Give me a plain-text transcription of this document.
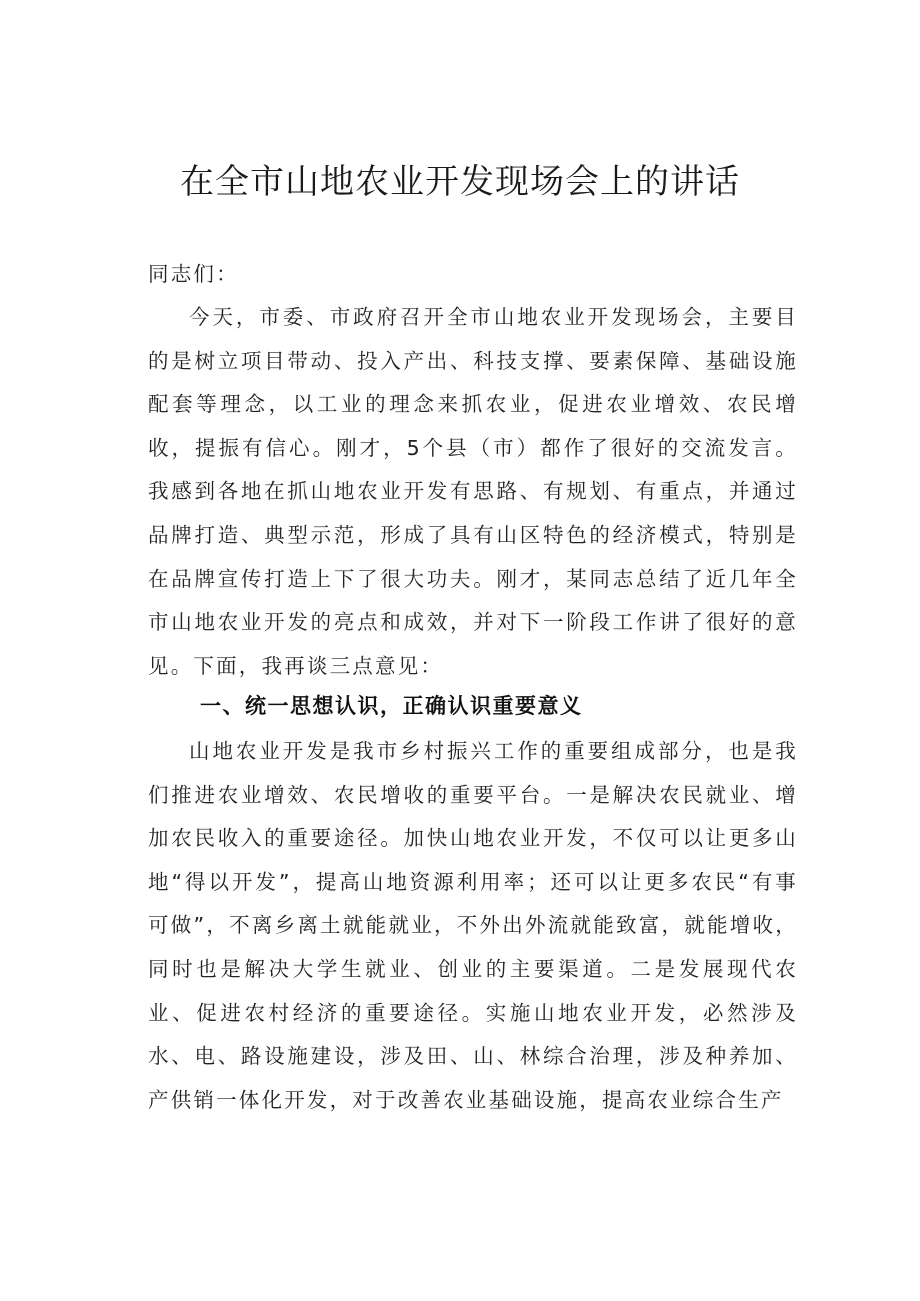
在全市山地农业开发现场会上的讲话

同志们：

今天，市委、市政府召开全市山地农业开发现场会，主要目的是树立项目带动、投入产出、科技支撑、要素保障、基础设施配套等理念，以工业的理念来抓农业，促进农业增效、农民增收，提振有信心。刚才，5个县（市）都作了很好的交流发言。我感到各地在抓山地农业开发有思路、有规划、有重点，并通过品牌打造、典型示范，形成了具有山区特色的经济模式，特别是在品牌宣传打造上下了很大功夫。刚才，某同志总结了近几年全市山地农业开发的亮点和成效，并对下一阶段工作讲了很好的意见。下面，我再谈三点意见：

一、统一思想认识，正确认识重要意义

山地农业开发是我市乡村振兴工作的重要组成部分，也是我们推进农业增效、农民增收的重要平台。一是解决农民就业、增加农民收入的重要途径。加快山地农业开发，不仅可以让更多山地“得以开发”，提高山地资源利用率；还可以让更多农民“有事可做”，不离乡离土就能就业，不外出外流就能致富，就能增收，同时也是解决大学生就业、创业的主要渠道。二是发展现代农业、促进农村经济的重要途径。实施山地农业开发，必然涉及水、电、路设施建设，涉及田、山、林综合治理，涉及种养加、产供销一体化开发，对于改善农业基础设施，提高农业综合生产
